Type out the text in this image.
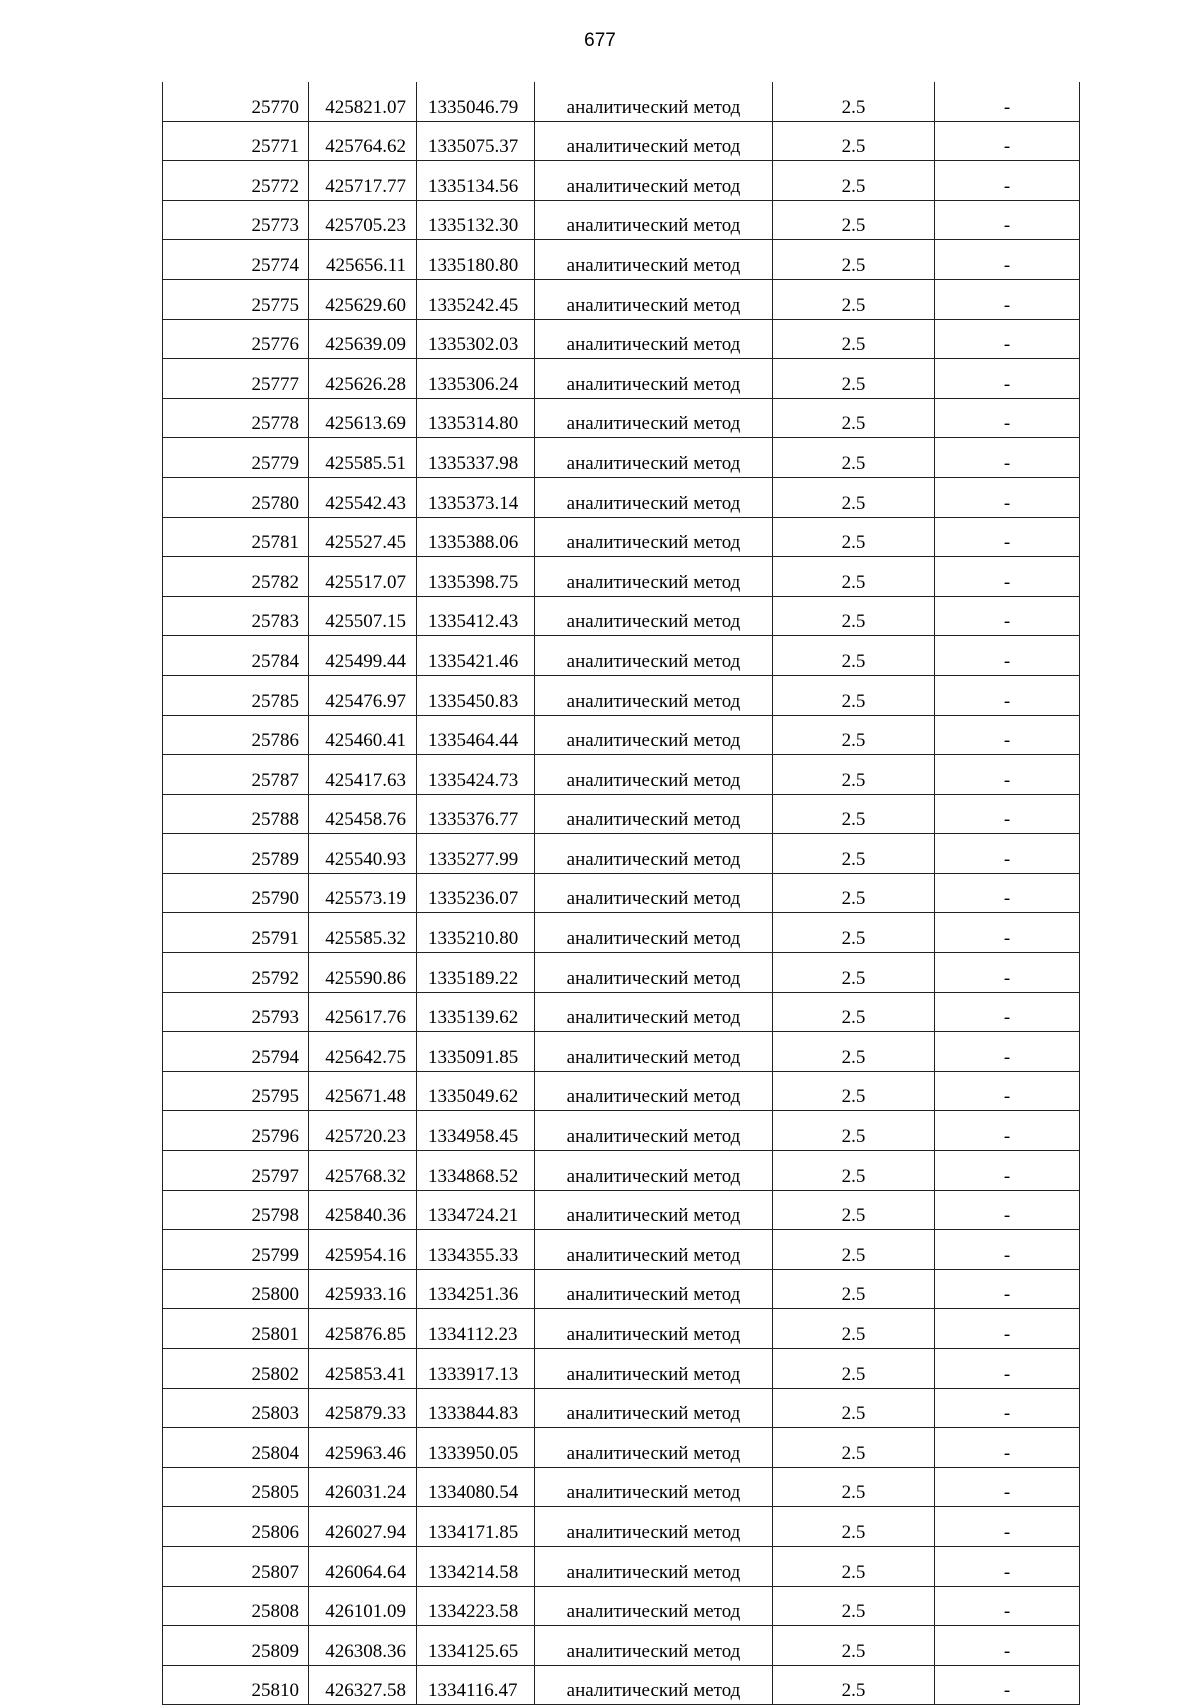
677
25770	425821.07	1335046.79	аналитический метод	2.5	-
25771	425764.62	1335075.37	аналитический метод	2.5	-
25772	425717.77	1335134.56	аналитический метод	2.5	-
25773	425705.23	1335132.30	аналитический метод	2.5	-
25774	425656.11	1335180.80	аналитический метод	2.5	-
25775	425629.60	1335242.45	аналитический метод	2.5	-
25776	425639.09	1335302.03	аналитический метод	2.5	-
25777	425626.28	1335306.24	аналитический метод	2.5	-
25778	425613.69	1335314.80	аналитический метод	2.5	-
25779	425585.51	1335337.98	аналитический метод	2.5	-
25780	425542.43	1335373.14	аналитический метод	2.5	-
25781	425527.45	1335388.06	аналитический метод	2.5	-
25782	425517.07	1335398.75	аналитический метод	2.5	-
25783	425507.15	1335412.43	аналитический метод	2.5	-
25784	425499.44	1335421.46	аналитический метод	2.5	-
25785	425476.97	1335450.83	аналитический метод	2.5	-
25786	425460.41	1335464.44	аналитический метод	2.5	-
25787	425417.63	1335424.73	аналитический метод	2.5	-
25788	425458.76	1335376.77	аналитический метод	2.5	-
25789	425540.93	1335277.99	аналитический метод	2.5	-
25790	425573.19	1335236.07	аналитический метод	2.5	-
25791	425585.32	1335210.80	аналитический метод	2.5	-
25792	425590.86	1335189.22	аналитический метод	2.5	-
25793	425617.76	1335139.62	аналитический метод	2.5	-
25794	425642.75	1335091.85	аналитический метод	2.5	-
25795	425671.48	1335049.62	аналитический метод	2.5	-
25796	425720.23	1334958.45	аналитический метод	2.5	-
25797	425768.32	1334868.52	аналитический метод	2.5	-
25798	425840.36	1334724.21	аналитический метод	2.5	-
25799	425954.16	1334355.33	аналитический метод	2.5	-
25800	425933.16	1334251.36	аналитический метод	2.5	-
25801	425876.85	1334112.23	аналитический метод	2.5	-
25802	425853.41	1333917.13	аналитический метод	2.5	-
25803	425879.33	1333844.83	аналитический метод	2.5	-
25804	425963.46	1333950.05	аналитический метод	2.5	-
25805	426031.24	1334080.54	аналитический метод	2.5	-
25806	426027.94	1334171.85	аналитический метод	2.5	-
25807	426064.64	1334214.58	аналитический метод	2.5	-
25808	426101.09	1334223.58	аналитический метод	2.5	-
25809	426308.36	1334125.65	аналитический метод	2.5	-
25810	426327.58	1334116.47	аналитический метод	2.5	-
